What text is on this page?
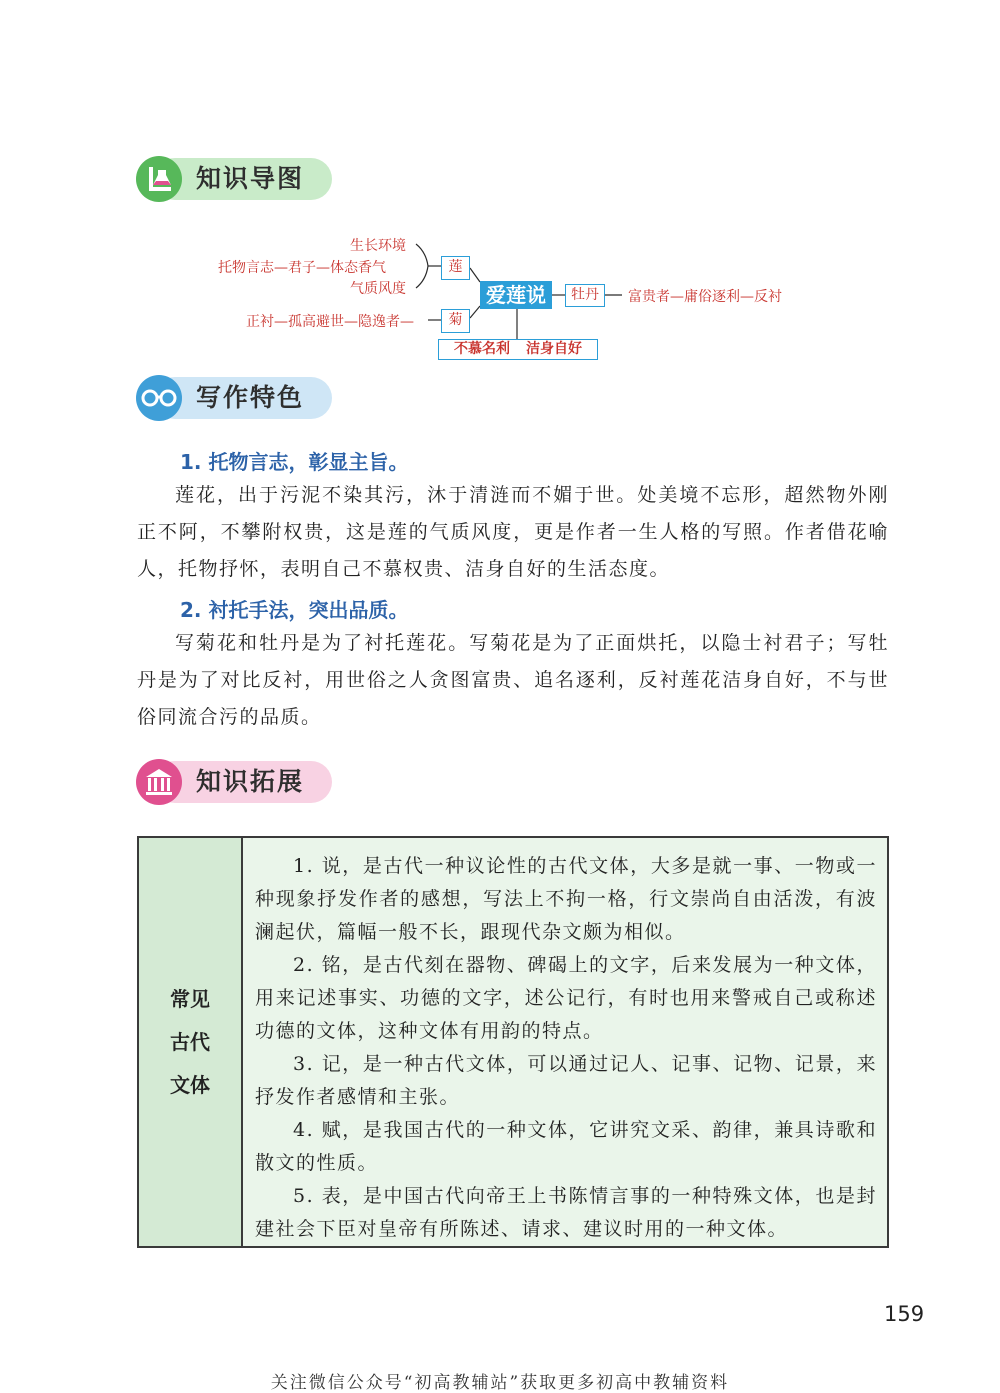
知识导图
生长环境
托物言志—君子—体态香气
气质风度
莲
正衬—孤高避世—隐逸者—	菊
爱莲说	牡丹	富贵者—庸俗逐利—反衬
不慕名利 洁身自好
写作特色
1. 托物言志，彰显主旨。

莲花，出于污泥不染其污，沐于清涟而不媚于世。处美境不忘形，超然物外刚正不阿，不攀附权贵，这是莲的气质风度，更是作者一生人格的写照。作者借花喻人，托物抒怀，表明自己不慕权贵、洁身自好的生活态度。

2. 衬托手法，突出品质。

写菊花和牡丹是为了衬托莲花。写菊花是为了正面烘托，以隐士衬君子；写牡丹是为了对比反衬，用世俗之人贪图富贵、追名逐利，反衬莲花洁身自好，不与世俗同流合污的品质。

知识拓展
常见古代文体

1. 说，是古代一种议论性的古代文体，大多是就一事、一物或一种现象抒发作者的感想，写法上不拘一格，行文崇尚自由活泼，有波澜起伏，篇幅一般不长，跟现代杂文颇为相似。

2. 铭，是古代刻在器物、碑碣上的文字，后来发展为一种文体，用来记述事实、功德的文字，述公记行，有时也用来警戒自己或称述功德的文体，这种文体有用韵的特点。

3. 记，是一种古代文体，可以通过记人、记事、记物、记景，来抒发作者感情和主张。

4. 赋，是我国古代的一种文体，它讲究文采、韵律，兼具诗歌和散文的性质。

5. 表，是中国古代向帝王上书陈情言事的一种特殊文体，也是封建社会下臣对皇帝有所陈述、请求、建议时用的一种文体。

159
关注微信公众号“初高教辅站”获取更多初高中教辅资料
